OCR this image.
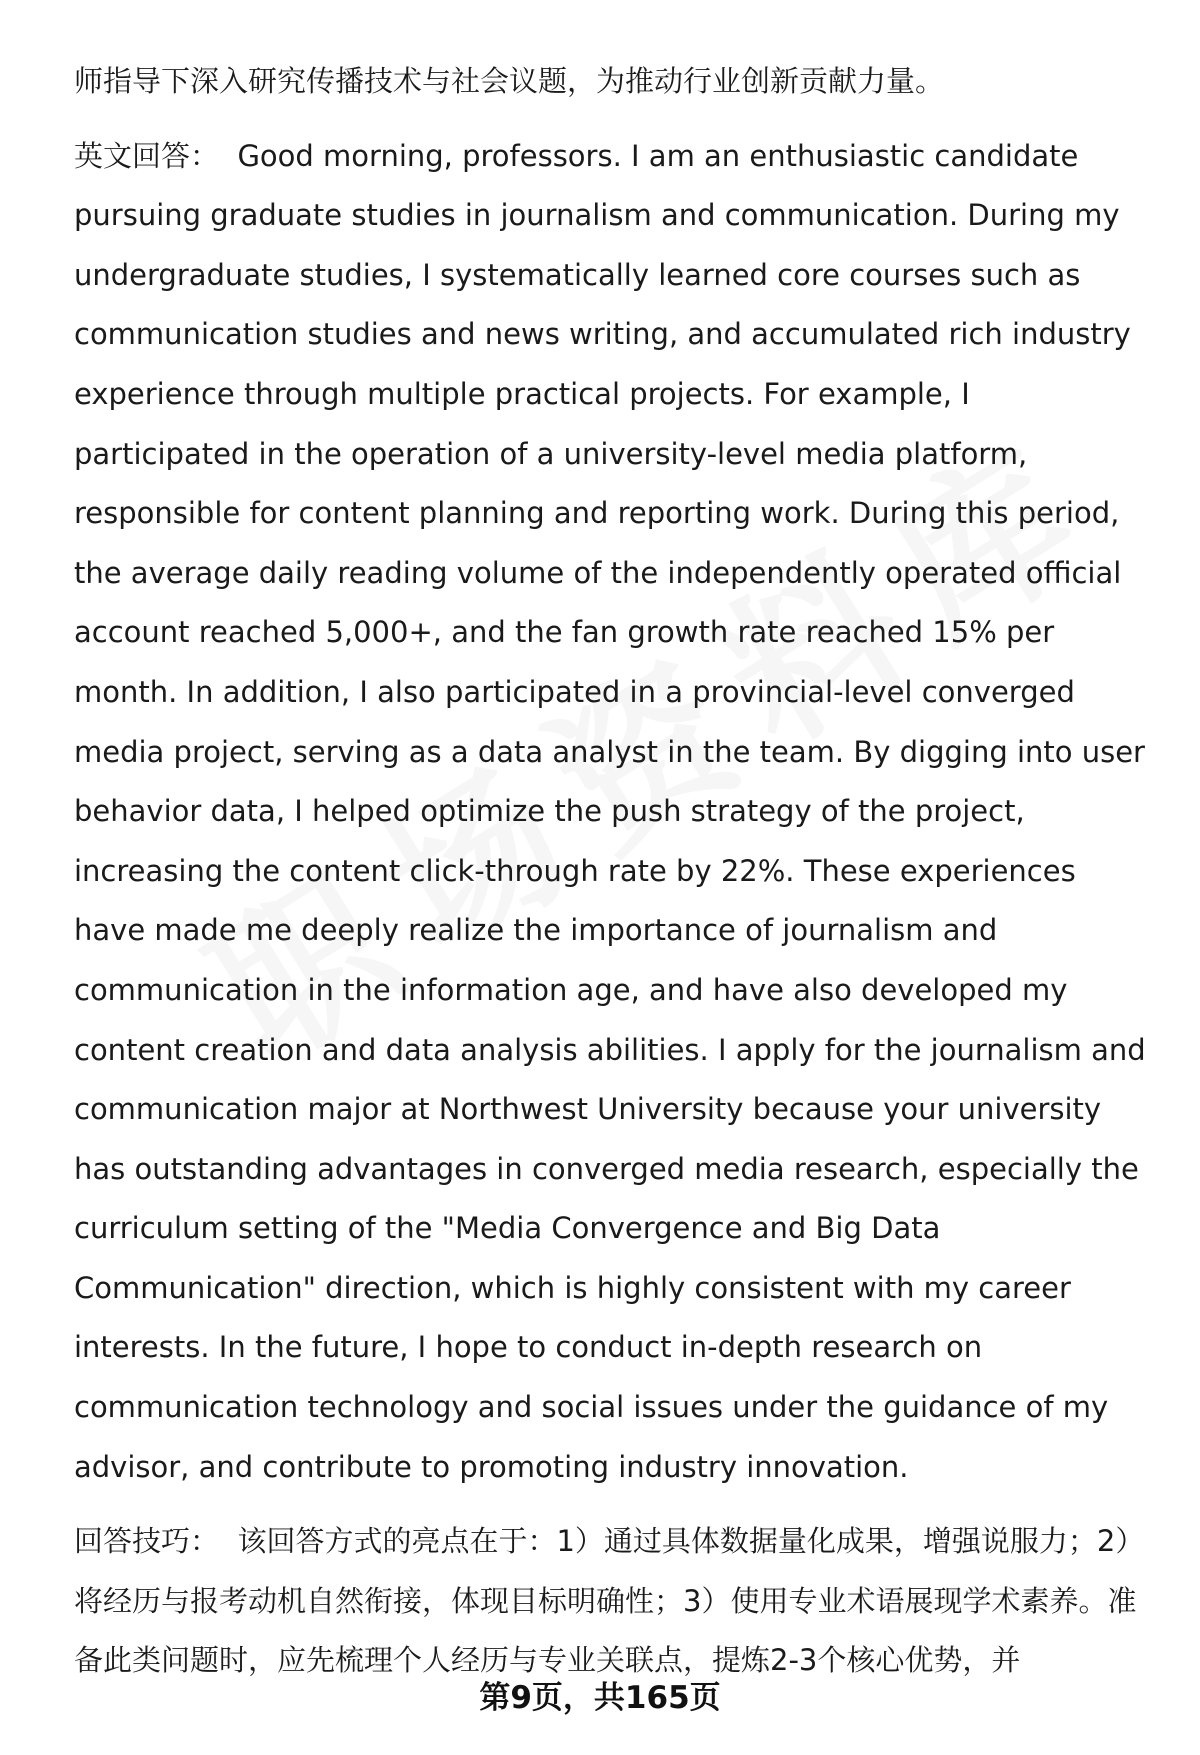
师指导下深入研究传播技术与社会议题，为推动行业创新贡献力量。

英文回答： Good morning, professors. I am an enthusiastic candidate pursuing graduate studies in journalism and communication. During my undergraduate studies, I systematically learned core courses such as communication studies and news writing, and accumulated rich industry experience through multiple practical projects. For example, I participated in the operation of a university-level media platform, responsible for content planning and reporting work. During this period, the average daily reading volume of the independently operated official account reached 5,000+, and the fan growth rate reached 15% per month. In addition, I also participated in a provincial-level converged media project, serving as a data analyst in the team. By digging into user behavior data, I helped optimize the push strategy of the project, increasing the content click-through rate by 22%. These experiences have made me deeply realize the importance of journalism and communication in the information age, and have also developed my content creation and data analysis abilities. I apply for the journalism and communication major at Northwest University because your university has outstanding advantages in converged media research, especially the curriculum setting of the "Media Convergence and Big Data Communication" direction, which is highly consistent with my career interests. In the future, I hope to conduct in-depth research on communication technology and social issues under the guidance of my advisor, and contribute to promoting industry innovation.

回答技巧： 该回答方式的亮点在于：1）通过具体数据量化成果，增强说服力；2）将经历与报考动机自然衔接，体现目标明确性；3）使用专业术语展现学术素养。准备此类问题时，应先梳理个人经历与专业关联点，提炼2-3个核心优势，并

第9页，共165页
